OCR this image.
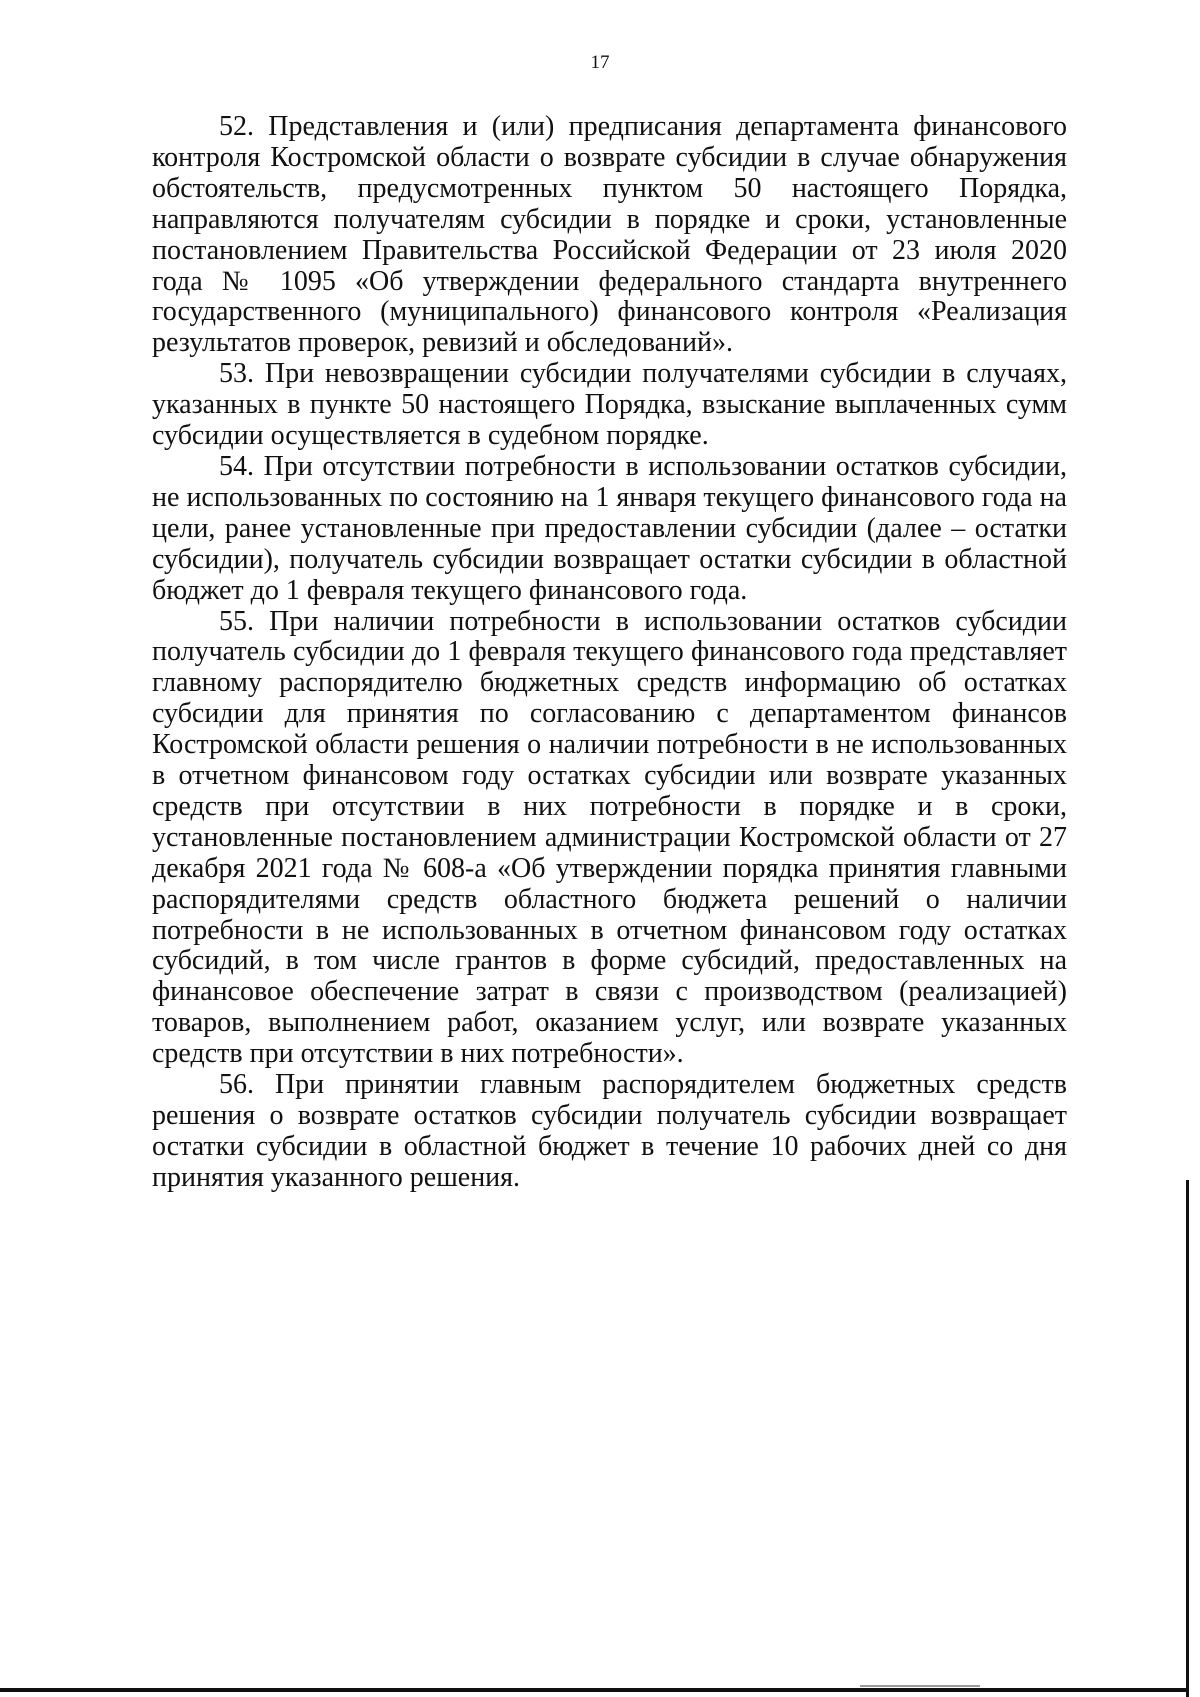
17

52. Представления и (или) предписания департамента финансового контроля Костромской области о возврате субсидии в случае обнаружения обстоятельств, предусмотренных пунктом 50 настоящего Порядка, направляются получателям субсидии в порядке и сроки, установленные постановлением Правительства Российской Федерации от 23 июля 2020 года № 1095 «Об утверждении федерального стандарта внутреннего государственного (муниципального) финансового контроля «Реализация результатов проверок, ревизий и обследований».

53. При невозвращении субсидии получателями субсидии в случаях, указанных в пункте 50 настоящего Порядка, взыскание выплаченных сумм субсидии осуществляется в судебном порядке.

54. При отсутствии потребности в использовании остатков субсидии, не использованных по состоянию на 1 января текущего финансового года на цели, ранее установленные при предоставлении субсидии (далее – остатки субсидии), получатель субсидии возвращает остатки субсидии в областной бюджет до 1 февраля текущего финансового года.

55. При наличии потребности в использовании остатков субсидии получатель субсидии до 1 февраля текущего финансового года представляет главному распорядителю бюджетных средств информацию об остатках субсидии для принятия по согласованию с департаментом финансов Костромской области решения о наличии потребности в не использованных в отчетном финансовом году остатках субсидии или возврате указанных средств при отсутствии в них потребности в порядке и в сроки, установленные постановлением администрации Костромской области от 27 декабря 2021 года № 608-а «Об утверждении порядка принятия главными распорядителями средств областного бюджета решений о наличии потребности в не использованных в отчетном финансовом году остатках субсидий, в том числе грантов в форме субсидий, предоставленных на финансовое обеспечение затрат в связи с производством (реализацией) товаров, выполнением работ, оказанием услуг, или возврате указанных средств при отсутствии в них потребности».

56. При принятии главным распорядителем бюджетных средств решения о возврате остатков субсидии получатель субсидии возвращает остатки субсидии в областной бюджет в течение 10 рабочих дней со дня принятия указанного решения.
